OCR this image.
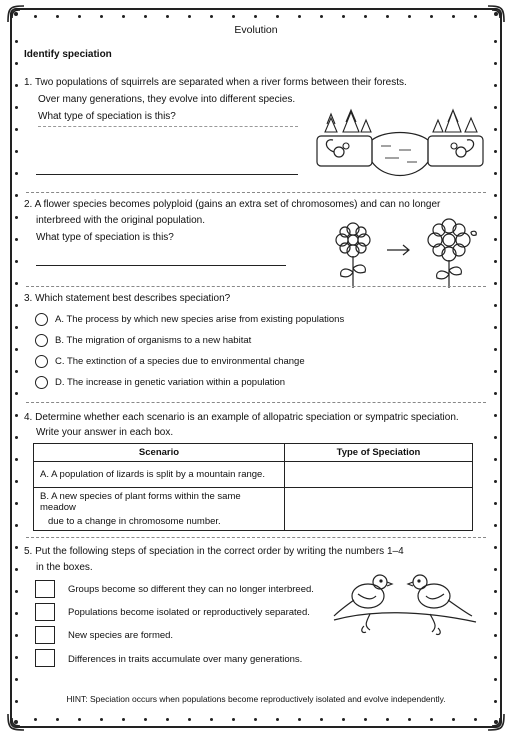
Evolution
Identify speciation
1. Two populations of squirrels are separated when a river forms between their forests.
Over many generations, they evolve into different species.
What type of speciation is this?
2. A flower species becomes polyploid (gains an extra set of chromosomes) and can no longer
interbreed with the original population.
What type of speciation is this?
3. Which statement best describes speciation?
A. The process by which new species arise from existing populations
B. The migration of organisms to a new habitat
C. The extinction of a species due to environmental change
D. The increase in genetic variation within a population
4. Determine whether each scenario is an example of allopatric speciation or sympatric speciation.
Write your answer in each box.
Scenario	Type of Speciation
A. A population of lizards is split by a mountain range.	

B. A new species of plant forms within the same meadow
due to a change in chromosome number.	

5. Put the following steps of speciation in the correct order by writing the numbers 1–4
in the boxes.
Groups become so different they can no longer interbreed.
Populations become isolated or reproductively separated.
New species are formed.
Differences in traits accumulate over many generations.
HINT: Speciation occurs when populations become reproductively isolated and evolve independently.
